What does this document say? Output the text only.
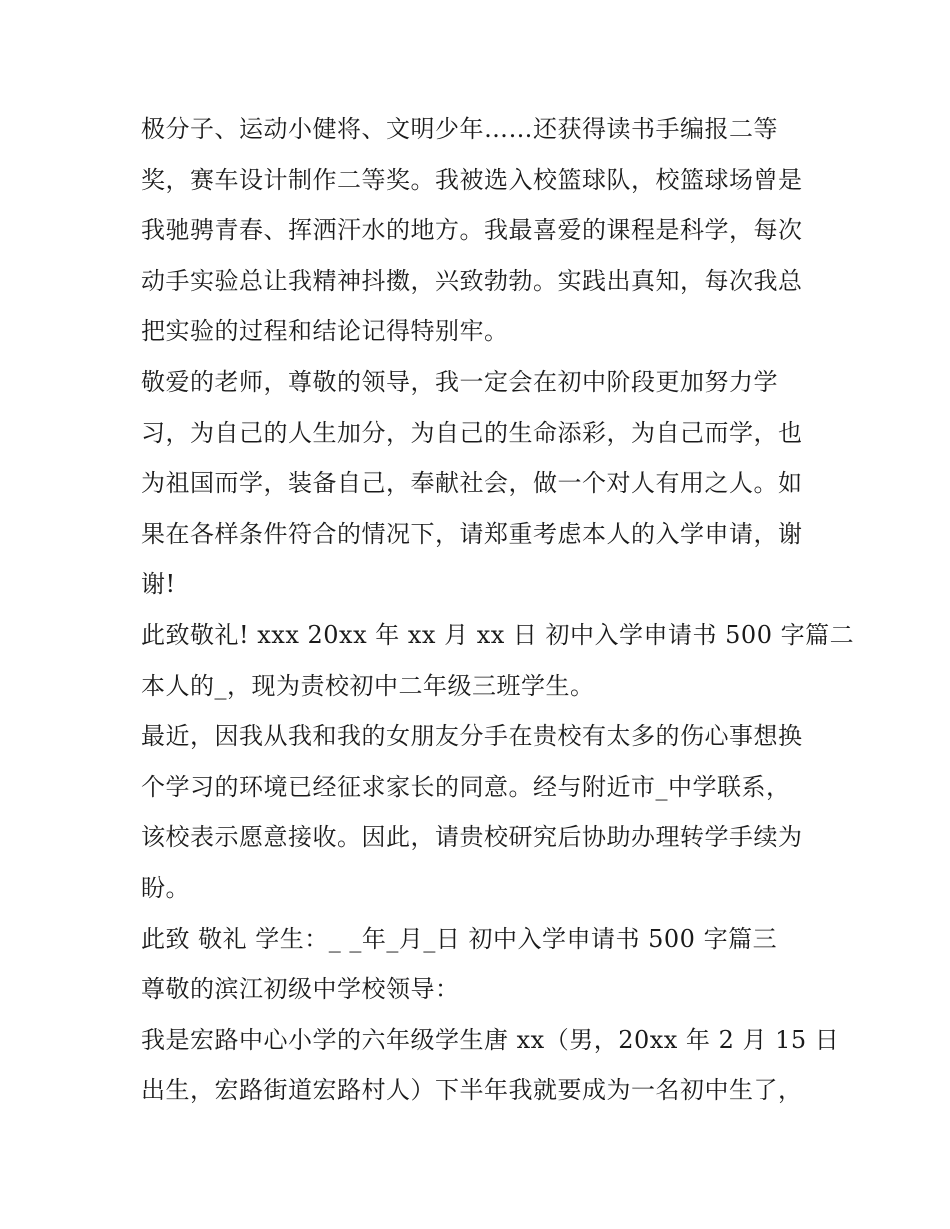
极分子、运动小健将、文明少年……还获得读书手编报二等
奖，赛车设计制作二等奖。我被选入校篮球队，校篮球场曾是
我驰骋青春、挥洒汗水的地方。我最喜爱的课程是科学，每次
动手实验总让我精神抖擞，兴致勃勃。实践出真知，每次我总
把实验的过程和结论记得特别牢。
敬爱的老师，尊敬的领导，我一定会在初中阶段更加努力学
习，为自己的人生加分，为自己的生命添彩，为自己而学，也
为祖国而学，装备自己，奉献社会，做一个对人有用之人。如
果在各样条件符合的情况下，请郑重考虑本人的入学申请，谢
谢!
此致敬礼! xxx 20xx 年 xx 月 xx 日 初中入学申请书 500 字篇二
本人的_，现为责校初中二年级三班学生。
最近，因我从我和我的女朋友分手在贵校有太多的伤心事想换
个学习的环境已经征求家长的同意。经与附近市_中学联系，
该校表示愿意接收。因此，请贵校研究后协助办理转学手续为
盼。
此致 敬礼 学生：_ _年_月_日 初中入学申请书 500 字篇三
尊敬的滨江初级中学校领导：
我是宏路中心小学的六年级学生唐 xx（男，20xx 年 2 月 15 日
出生，宏路街道宏路村人）下半年我就要成为一名初中生了，
